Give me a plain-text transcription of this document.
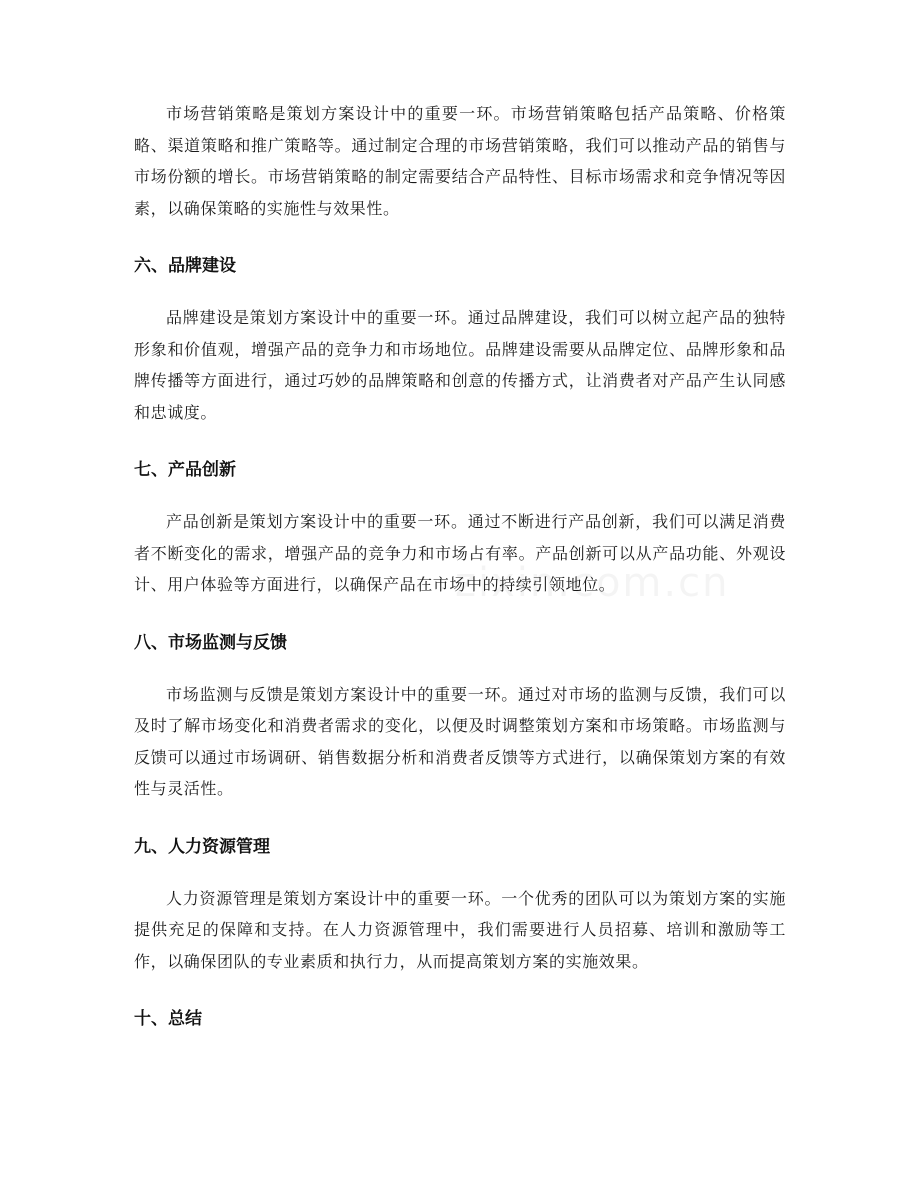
市场营销策略是策划方案设计中的重要一环。市场营销策略包括产品策略、价格策略、渠道策略和推广策略等。通过制定合理的市场营销策略，我们可以推动产品的销售与市场份额的增长。市场营销策略的制定需要结合产品特性、目标市场需求和竞争情况等因素，以确保策略的实施性与效果性。

六、品牌建设

品牌建设是策划方案设计中的重要一环。通过品牌建设，我们可以树立起产品的独特形象和价值观，增强产品的竞争力和市场地位。品牌建设需要从品牌定位、品牌形象和品牌传播等方面进行，通过巧妙的品牌策略和创意的传播方式，让消费者对产品产生认同感和忠诚度。

七、产品创新

产品创新是策划方案设计中的重要一环。通过不断进行产品创新，我们可以满足消费者不断变化的需求，增强产品的竞争力和市场占有率。产品创新可以从产品功能、外观设计、用户体验等方面进行，以确保产品在市场中的持续引领地位。

八、市场监测与反馈

市场监测与反馈是策划方案设计中的重要一环。通过对市场的监测与反馈，我们可以及时了解市场变化和消费者需求的变化，以便及时调整策划方案和市场策略。市场监测与反馈可以通过市场调研、销售数据分析和消费者反馈等方式进行，以确保策划方案的有效性与灵活性。

九、人力资源管理

人力资源管理是策划方案设计中的重要一环。一个优秀的团队可以为策划方案的实施提供充足的保障和支持。在人力资源管理中，我们需要进行人员招募、培训和激励等工作，以确保团队的专业素质和执行力，从而提高策划方案的实施效果。

十、总结
